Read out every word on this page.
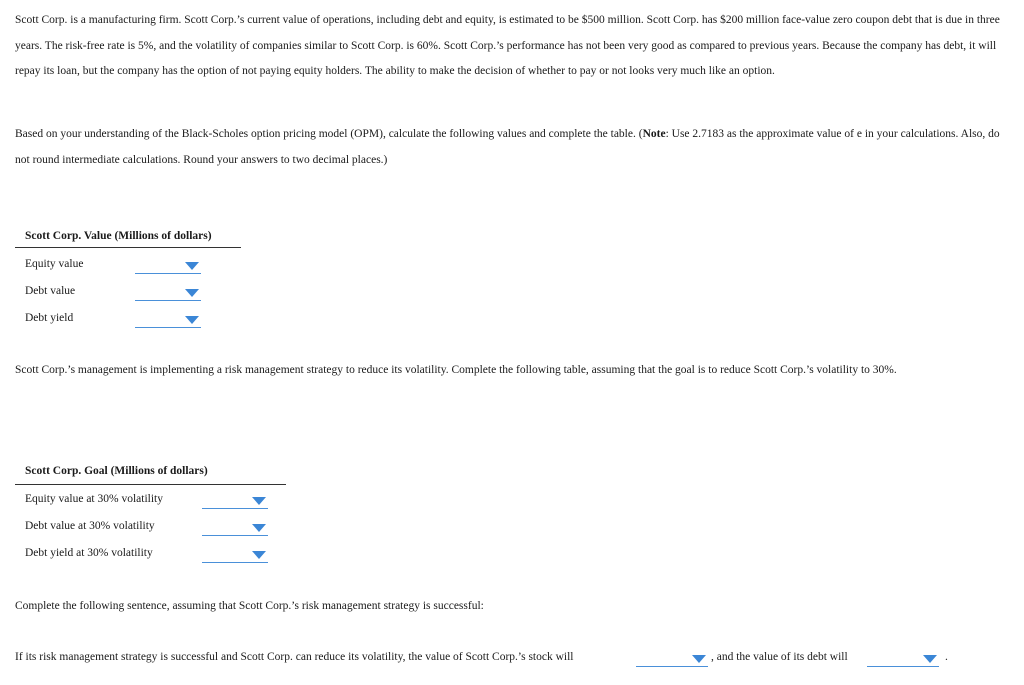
Scott Corp. is a manufacturing firm. Scott Corp.’s current value of operations, including debt and equity, is estimated to be $500 million. Scott Corp. has $200 million face-value zero coupon debt that is due in three years. The risk-free rate is 5%, and the volatility of companies similar to Scott Corp. is 60%. Scott Corp.’s performance has not been very good as compared to previous years. Because the company has debt, it will repay its loan, but the company has the option of not paying equity holders. The ability to make the decision of whether to pay or not looks very much like an option.

Based on your understanding of the Black-Scholes option pricing model (OPM), calculate the following values and complete the table. (Note: Use 2.7183 as the approximate value of e in your calculations. Also, do not round intermediate calculations. Round your answers to two decimal places.)

Scott Corp. Value (Millions of dollars)
Equity value
Debt value
Debt yield

Scott Corp.’s management is implementing a risk management strategy to reduce its volatility. Complete the following table, assuming that the goal is to reduce Scott Corp.’s volatility to 30%.

Scott Corp. Goal (Millions of dollars)
Equity value at 30% volatility
Debt value at 30% volatility
Debt yield at 30% volatility
Complete the following sentence, assuming that Scott Corp.’s risk management strategy is successful:
If its risk management strategy is successful and Scott Corp. can reduce its volatility, the value of Scott Corp.’s stock will	, and the value of its debt will	.
